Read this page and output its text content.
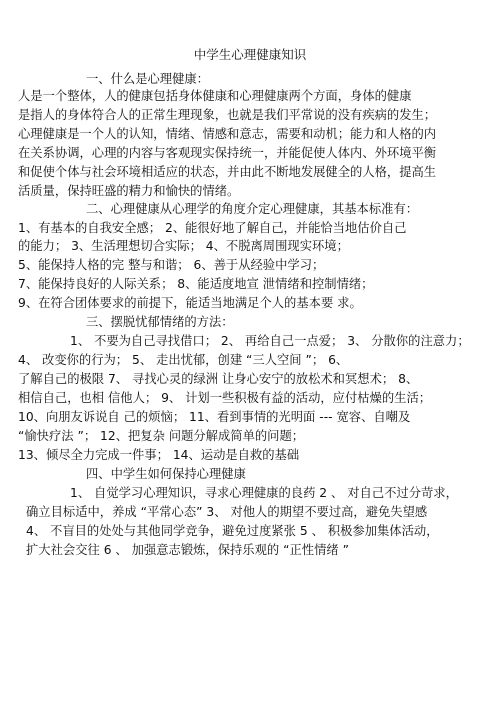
中学生心理健康知识
一、什么是心理健康：
人是一个整体，人的健康包括身体健康和心理健康两个方面，身体的健康
是指人的身体符合人的正常生理现象，也就是我们平常说的没有疾病的发生；
心理健康是一个人的认知，情绪、情感和意志，需要和动机；能力和人格的内
在关系协调，心理的内容与客观现实保持统一，并能促使人体内、外环境平衡
和促使个体与社会环境相适应的状态，并由此不断地发展健全的人格，提高生
活质量，保持旺盛的精力和愉快的情绪。
二、心理健康从心理学的角度介定心理健康，其基本标准有：
1、有基本的自我安全感； 2、能很好地了解自己，并能恰当地估价自己
的能力； 3、生活理想切合实际； 4、不脱离周围现实环境；
5、能保持人格的完 整与和谐； 6、善于从经验中学习；
7、能保持良好的人际关系； 8、能适度地宣 泄情绪和控制情绪；
9、在符合团体要求的前提下，能适当地满足个人的基本要 求。
三、摆脱忧郁情绪的方法：
1、 不要为自己寻找借口； 2、 再给自己一点爱； 3、 分散你的注意力；
4、 改变你的行为； 5、 走出忧郁，创建 “三人空间 ”； 6、
了解自己的极限 7、 寻找心灵的绿洲 让身心安宁的放松术和冥想术； 8、
相信自己，也相 信他人； 9、 计划一些积极有益的活动，应付枯燥的生活；
10、向朋友诉说自 己的烦恼； 11、看到事情的光明面 --- 宽容、自嘲及
“愉快疗法 ”； 12、把复杂 问题分解成简单的问题；
13、倾尽全力完成一件事； 14、运动是自救的基础
四、中学生如何保持心理健康
1、 自觉学习心理知识，寻求心理健康的良药 2 、 对自己不过分苛求，
确立目标适中，养成 “平常心态” 3、 对他人的期望不要过高，避免失望感
4、 不盲目的处处与其他同学竞争，避免过度紧张 5 、 积极参加集体活动，
扩大社会交往 6 、 加强意志锻炼，保持乐观的 “正性情绪 ”
